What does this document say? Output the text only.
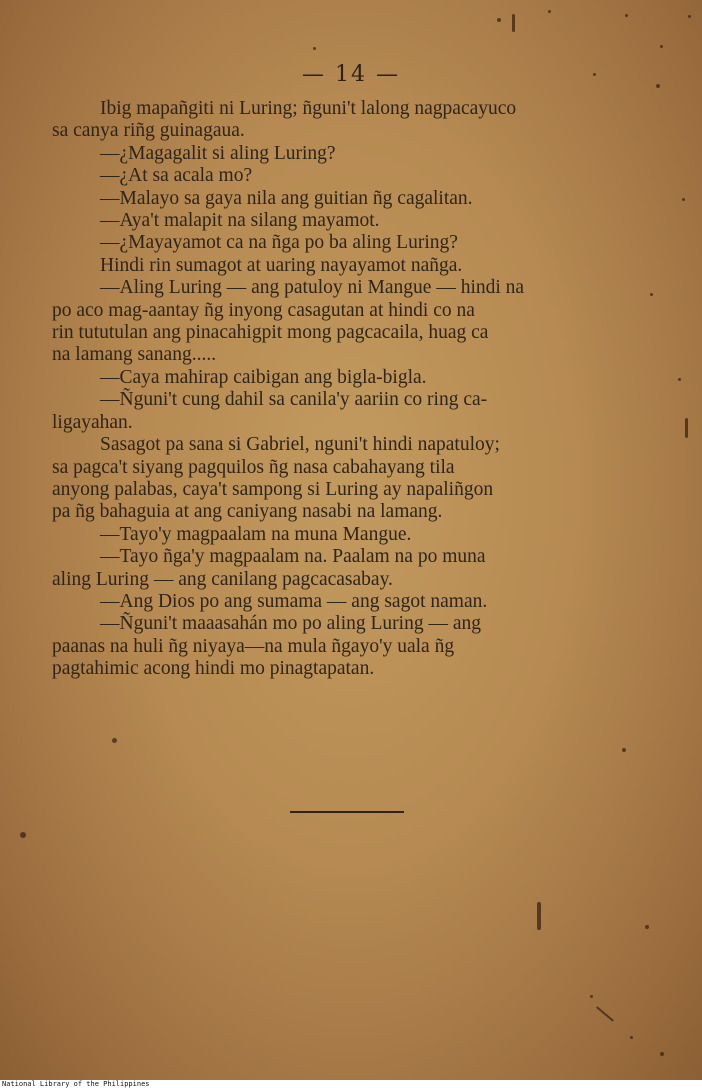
— 14 —
Ibig mapañgiti ni Luring; ñguni't lalong nagpacayuco
sa canya riñg guinagaua.
—¿Magagalit si aling Luring?
—¿At sa acala mo?
—Malayo sa gaya nila ang guitian ñg cagalitan.
—Aya't malapit na silang mayamot.
—¿Mayayamot ca na ñga po ba aling Luring?
Hindi rin sumagot at uaring nayayamot nañga.
—Aling Luring — ang patuloy ni Mangue — hindi na
po aco mag-aantay ñg inyong casagutan at hindi co na
rin tututulan ang pinacahigpit mong pagcacaila, huag ca
na lamang sanang.....
—Caya mahirap caibigan ang bigla-bigla.
—Ñguni't cung dahil sa canila'y aariin co ring ca-
ligayahan.
Sasagot pa sana si Gabriel, nguni't hindi napatuloy;
sa pagca't siyang pagquilos ñg nasa cabahayang tila
anyong palabas, caya't sampong si Luring ay napaliñgon
pa ñg bahaguia at ang caniyang nasabi na lamang.
—Tayo'y magpaalam na muna Mangue.
—Tayo ñga'y magpaalam na. Paalam na po muna
aling Luring — ang canilang pagcacasabay.
—Ang Dios po ang sumama — ang sagot naman.
—Ñguni't maaasahán mo po aling Luring — ang
paanas na huli ñg niyaya—na mula ñgayo'y uala ñg
pagtahimic acong hindi mo pinagtapatan.
National Library of the Philippines
